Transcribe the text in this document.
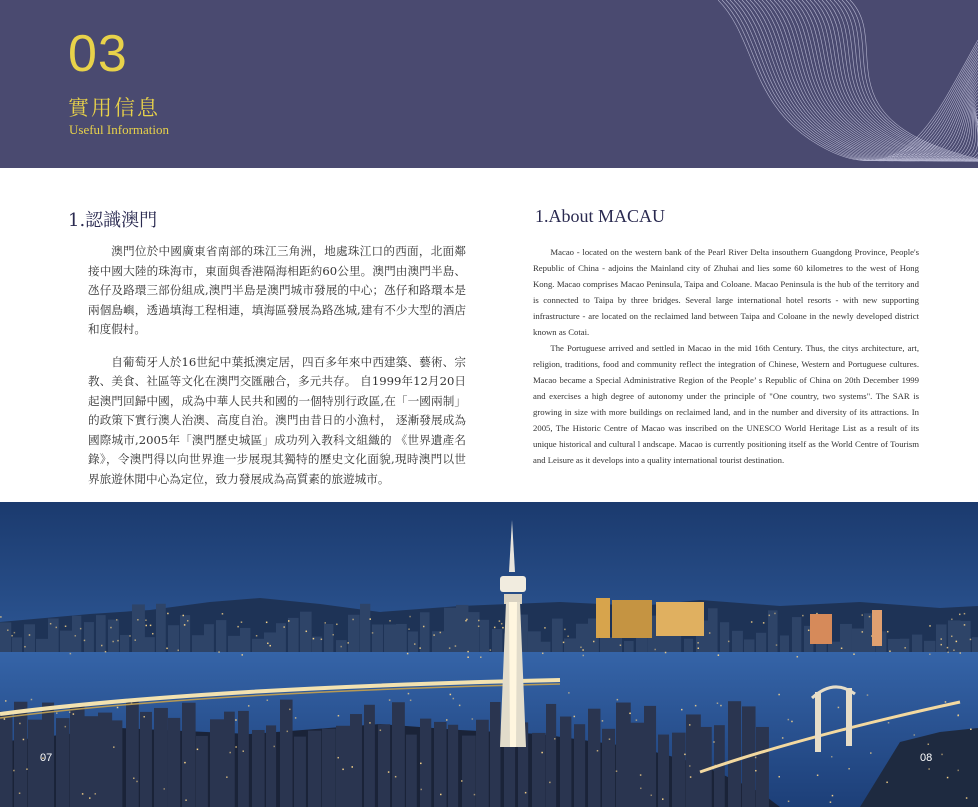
03
實用信息
Useful Information
1.認識澳門

澳門位於中國廣東省南部的珠江三角洲，地處珠江口的西面，北面鄰接中國大陸的珠海市，東面與香港隔海相距約60公里。澳門由澳門半島、氹仔及路環三部份組成,澳門半島是澳門城市發展的中心；氹仔和路環本是兩個島嶼，透過填海工程相連，填海區發展為路氹城,建有不少大型的酒店和度假村。

自葡萄牙人於16世紀中葉抵澳定居，四百多年來中西建築、藝術、宗教、美食、社區等文化在澳門交匯融合，多元共存。 自1999年12月20日起澳門回歸中國，成為中華人民共和國的一個特別行政區,在「一國兩制」的政策下實行澳人治澳、高度自治。澳門由昔日的小漁村， 逐漸發展成為國際城市,2005年「澳門歷史城區」成功列入教科文組織的 《世界遺產名錄》，令澳門得以向世界進一步展現其獨特的歷史文化面貌,現時澳門以世界旅遊休閒中心為定位，致力發展成為高質素的旅遊城市。

1.About MACAU

Macao - located on the western bank of the Pearl River Delta insouthern Guangdong Province, People's Republic of China - adjoins the Mainland city of Zhuhai and lies some 60 kilometres to the west of Hong Kong. Macao comprises Macao Peninsula, Taipa and Coloane. Macao Peninsula is the hub of the territory and is connected to Taipa by three bridges. Several large international hotel resorts - with new supporting infrastructure - are located on the reclaimed land between Taipa and Coloane in the newly developed district known as Cotai.

The Portuguese arrived and settled in Macao in the mid 16th Century. Thus, the citys architecture, art, religion, traditions, food and community reflect the integration of Chinese, Western and Portuguese cultures. Macao became a Special Administrative Region of the People’ s Republic of China on 20th December 1999 and exercises a high degree of autonomy under the principle of "One country, two systems". The SAR is growing in size with more buildings on reclaimed land, and in the number and diversity of its attractions. In 2005, The Historic Centre of Macao was inscribed on the UNESCO World Heritage List as a result of its unique historical and cultural l andscape. Macao is currently positioning itself as the World Centre of Tourism and Leisure as it develops into a quality international tourist destination.

07	08
